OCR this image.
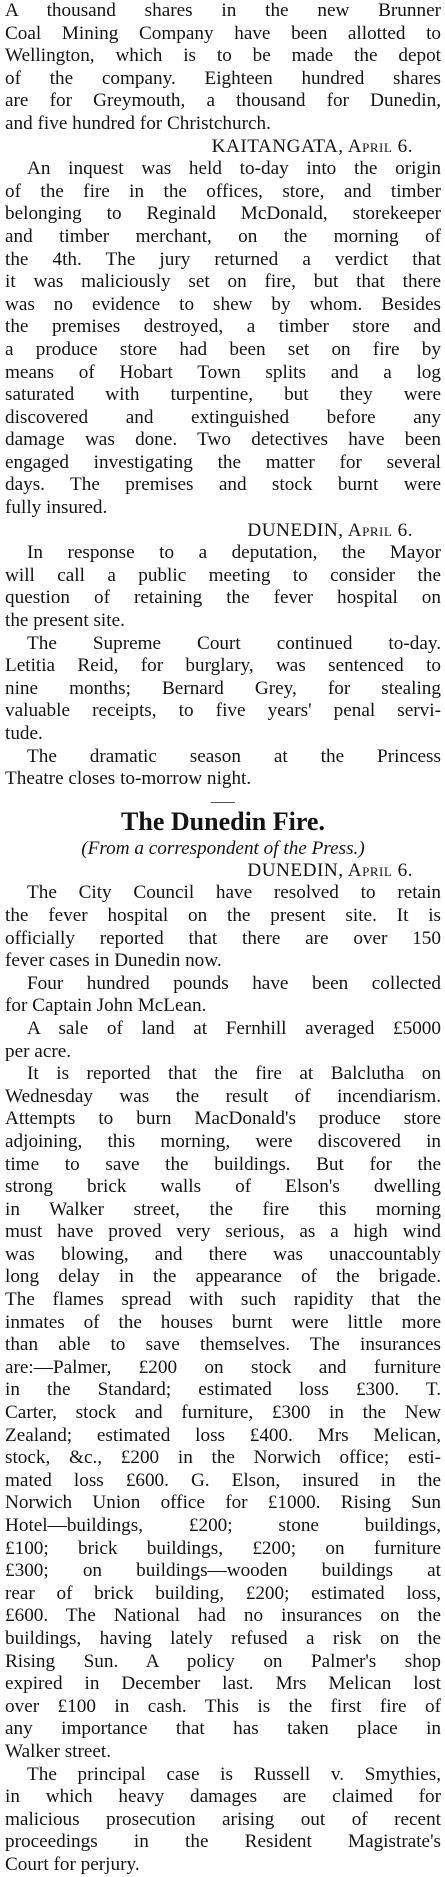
A thousand shares in the new Brunner
Coal Mining Company have been allotted to
Wellington, which is to be made the depot
of the company. Eighteen hundred shares
are for Greymouth, a thousand for Dunedin,
and five hundred for Christchurch.
KAITANGATA, April 6.
An inquest was held to-day into the origin
of the fire in the offices, store, and timber
belonging to Reginald McDonald, storekeeper
and timber merchant, on the morning of
the 4th. The jury returned a verdict that
it was maliciously set on fire, but that there
was no evidence to shew by whom. Besides
the premises destroyed, a timber store and
a produce store had been set on fire by
means of Hobart Town splits and a log
saturated with turpentine, but they were
discovered and extinguished before any
damage was done. Two detectives have been
engaged investigating the matter for several
days. The premises and stock burnt were
fully insured.
DUNEDIN, April 6.
In response to a deputation, the Mayor
will call a public meeting to consider the
question of retaining the fever hospital on
the present site.
The Supreme Court continued to-day.
Letitia Reid, for burglary, was sentenced to
nine months; Bernard Grey, for stealing
valuable receipts, to five years' penal servi-
tude.
The dramatic season at the Princess
Theatre closes to-morrow night.
The Dunedin Fire.
(From a correspondent of the Press.)
DUNEDIN, April 6.
The City Council have resolved to retain
the fever hospital on the present site. It is
officially reported that there are over 150
fever cases in Dunedin now.
Four hundred pounds have been collected
for Captain John McLean.
A sale of land at Fernhill averaged £5000
per acre.
It is reported that the fire at Balclutha on
Wednesday was the result of incendiarism.
Attempts to burn MacDonald's produce store
adjoining, this morning, were discovered in
time to save the buildings. But for the
strong brick walls of Elson's dwelling
in Walker street, the fire this morning
must have proved very serious, as a high wind
was blowing, and there was unaccountably
long delay in the appearance of the brigade.
The flames spread with such rapidity that the
inmates of the houses burnt were little more
than able to save themselves. The insurances
are:—Palmer, £200 on stock and furniture
in the Standard; estimated loss £300. T.
Carter, stock and furniture, £300 in the New
Zealand; estimated loss £400. Mrs Melican,
stock, &c., £200 in the Norwich office; esti-
mated loss £600. G. Elson, insured in the
Norwich Union office for £1000. Rising Sun
Hotel—buildings, £200; stone buildings,
£100; brick buildings, £200; on furniture
£300; on buildings—wooden buildings at
rear of brick building, £200; estimated loss,
£600. The National had no insurances on the
buildings, having lately refused a risk on the
Rising Sun. A policy on Palmer's shop
expired in December last. Mrs Melican lost
over £100 in cash. This is the first fire of
any importance that has taken place in
Walker street.
The principal case is Russell v. Smythies,
in which heavy damages are claimed for
malicious prosecution arising out of recent
proceedings in the Resident Magistrate's
Court for perjury.
